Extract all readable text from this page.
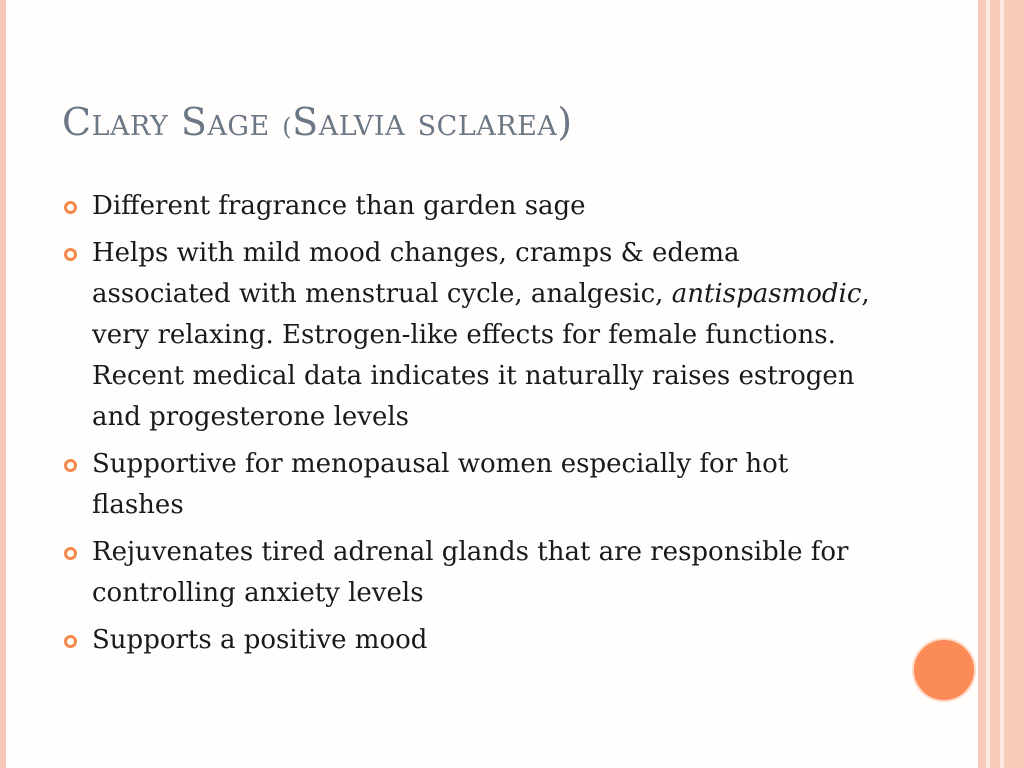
Clary Sage (Salvia sclarea)
Different fragrance than garden sage
Helps with mild mood changes, cramps & edema associated with menstrual cycle, analgesic, antispasmodic, very relaxing. Estrogen-like effects for female functions. Recent medical data indicates it naturally raises estrogen and progesterone levels
Supportive for menopausal women especially for hot flashes
Rejuvenates tired adrenal glands that are responsible for controlling anxiety levels
Supports a positive mood
